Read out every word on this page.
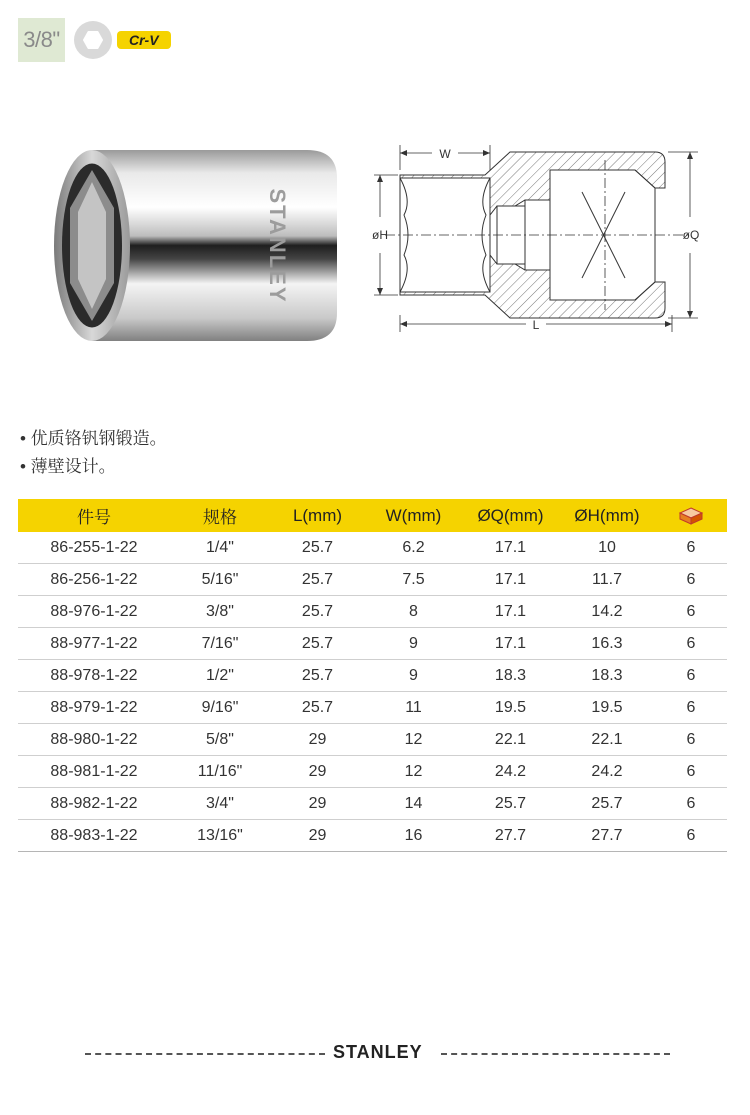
3/8"	Cr-V
STANLEY
W
øH	øQ
L
• 优质铬钒钢锻造。
• 薄壁设计。
件号	规格	L(mm)	W(mm)	ØQ(mm)	ØH(mm)	
86-255-1-22	1/4"	25.7	6.2	17.1	10	6
86-256-1-22	5/16"	25.7	7.5	17.1	11.7	6
88-976-1-22	3/8"	25.7	8	17.1	14.2	6
88-977-1-22	7/16"	25.7	9	17.1	16.3	6
88-978-1-22	1/2"	25.7	9	18.3	18.3	6
88-979-1-22	9/16"	25.7	11	19.5	19.5	6
88-980-1-22	5/8"	29	12	22.1	22.1	6
88-981-1-22	11/16"	29	12	24.2	24.2	6
88-982-1-22	3/4"	29	14	25.7	25.7	6
88-983-1-22	13/16"	29	16	27.7	27.7	6
STANLEY
